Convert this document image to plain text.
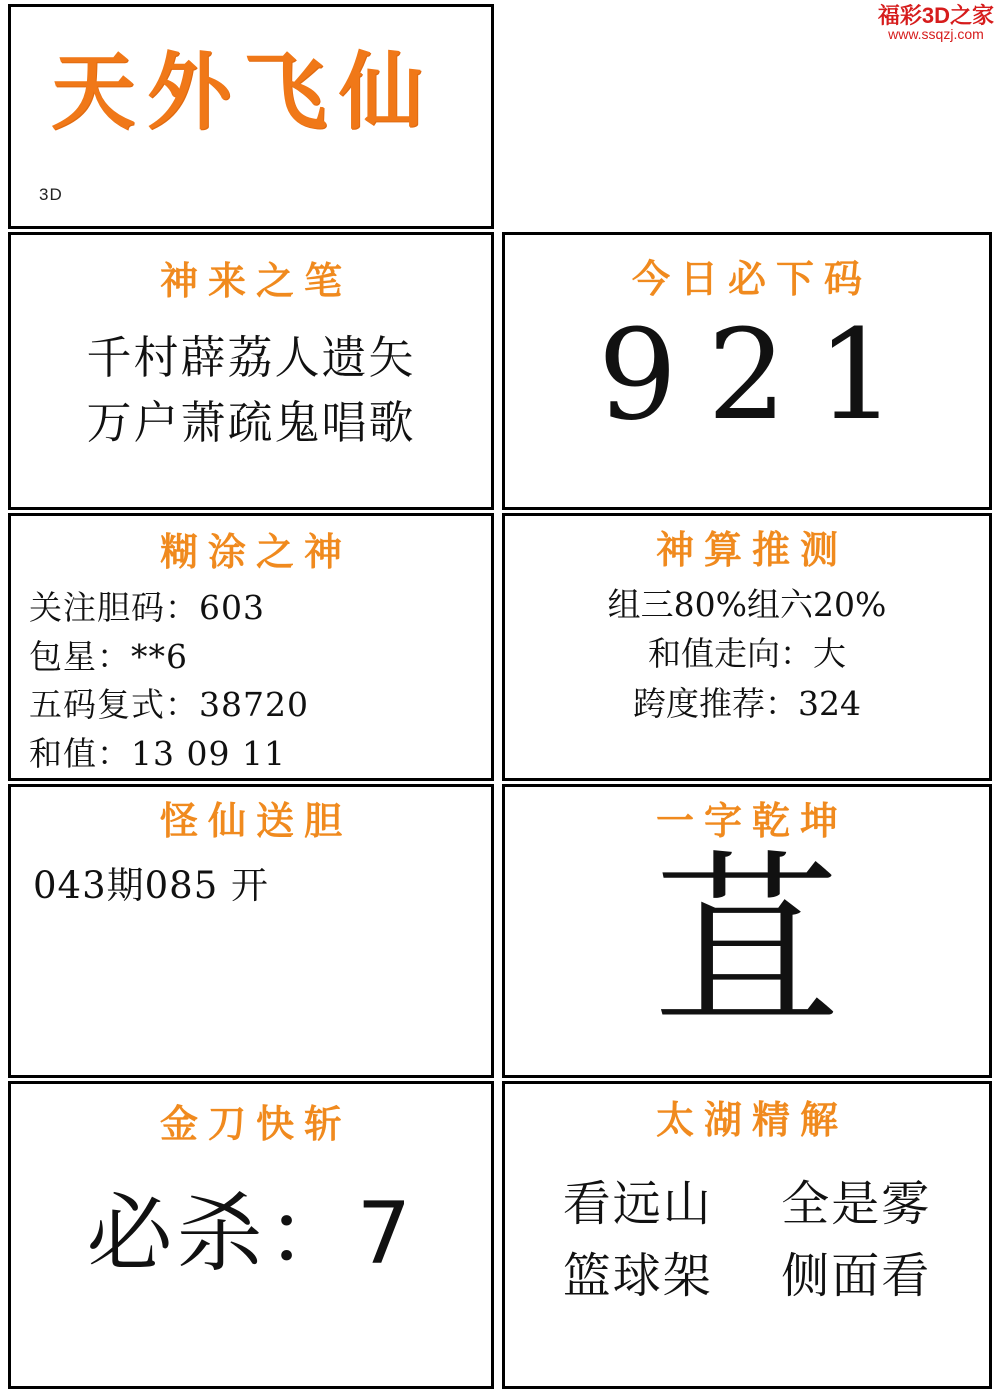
福彩3D之家
www.ssqzj.com
天外飞仙
3D
神来之笔
千村薜荔人遗矢
万户萧疏鬼唱歌
今日必下码
921
糊涂之神
关注胆码：603
包星：**6
五码复式：38720
和值：13 09 11
神算推测
组三80%组六20%
和值走向：大
跨度推荐：324
怪仙送胆
043期085 开
一字乾坤
苴
金刀快斩
必杀：7
太湖精解
看远山 全是雾
篮球架 侧面看
